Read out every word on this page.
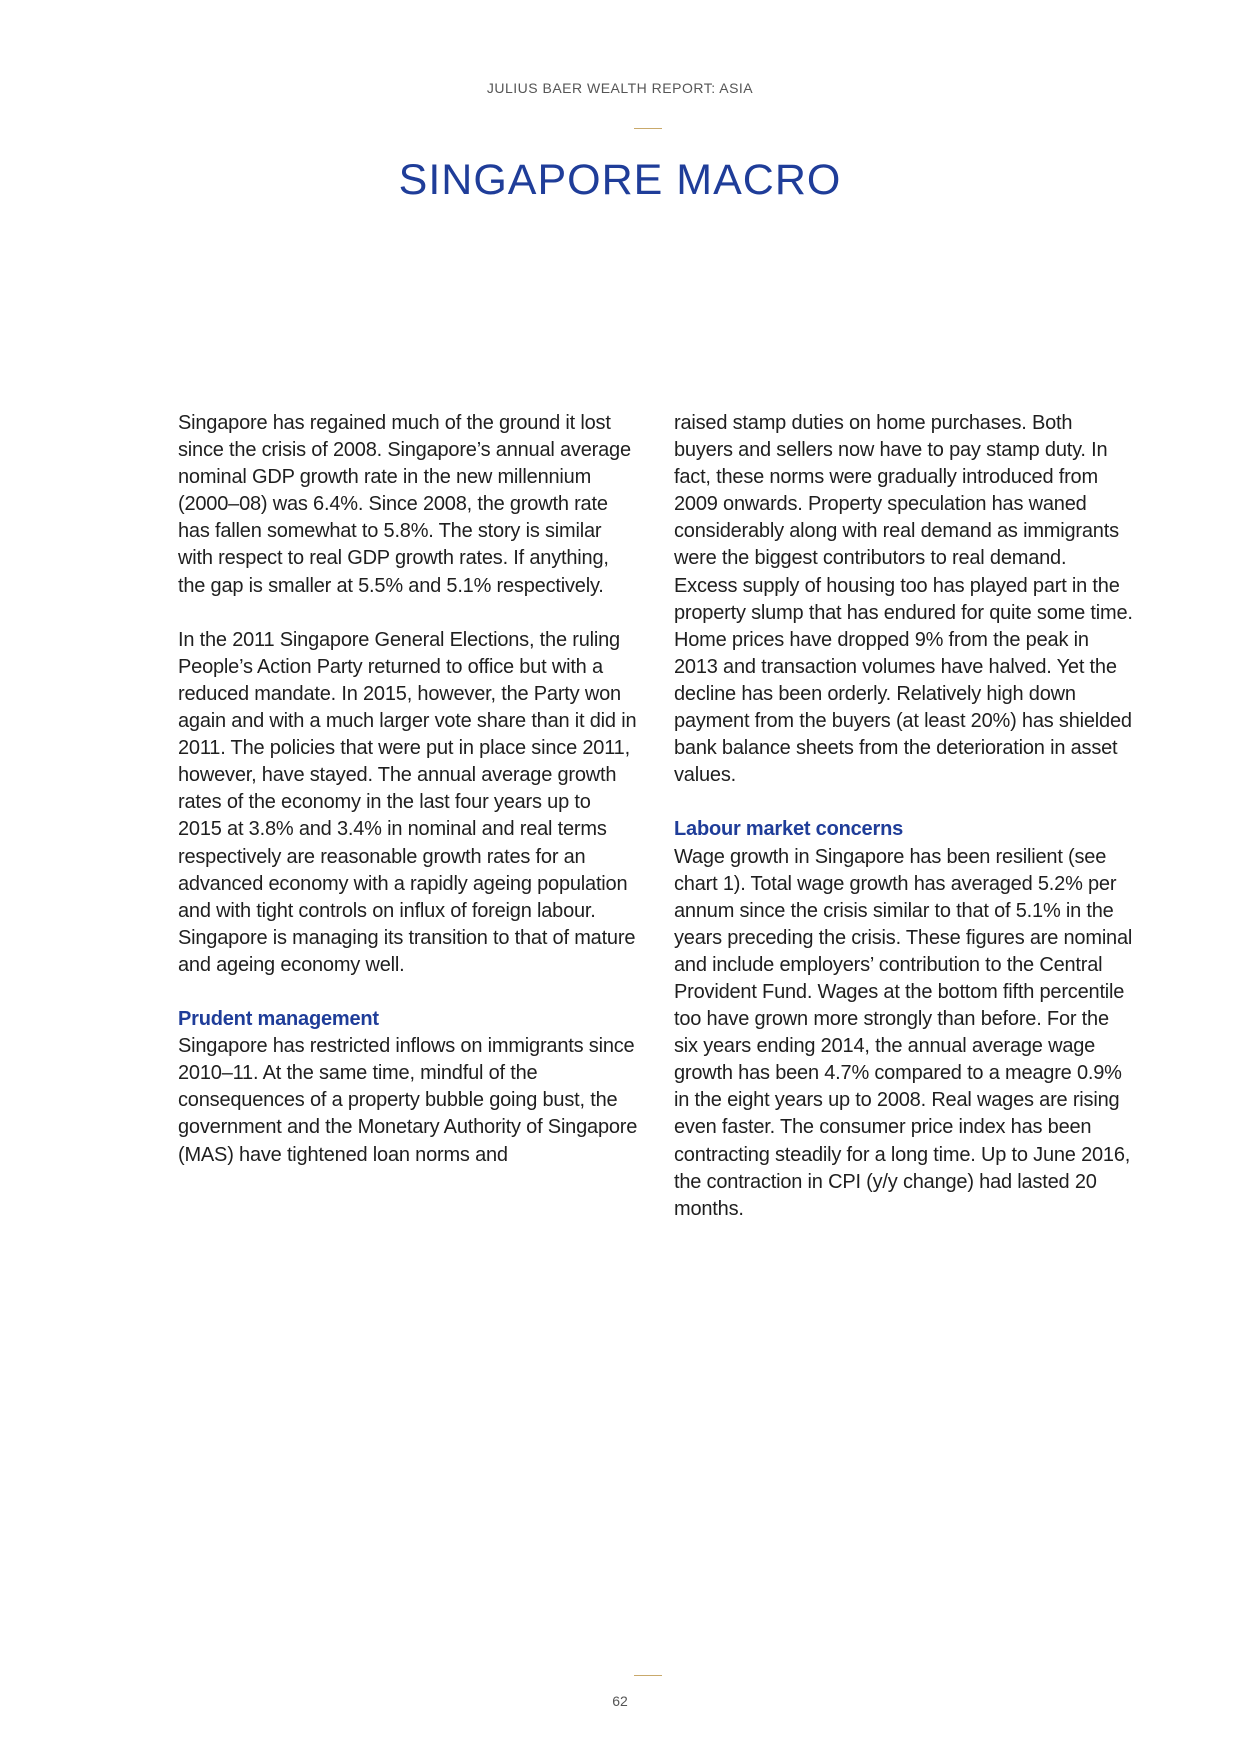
JULIUS BAER WEALTH REPORT: ASIA
SINGAPORE MACRO

Singapore has regained much of the ground it lost since the crisis of 2008. Singapore’s annual average nominal GDP growth rate in the new millennium (2000–08) was 6.4%. Since 2008, the growth rate has fallen somewhat to 5.8%. The story is similar with respect to real GDP growth rates. If anything, the gap is smaller at 5.5% and 5.1% respectively.

In the 2011 Singapore General Elections, the ruling People’s Action Party returned to office but with a reduced mandate. In 2015, however, the Party won again and with a much larger vote share than it did in 2011. The policies that were put in place since 2011, however, have stayed. The annual average growth rates of the economy in the last four years up to 2015 at 3.8% and 3.4% in nominal and real terms respectively are reasonable growth rates for an advanced economy with a rapidly ageing population and with tight controls on influx of foreign labour. Singapore is managing its transition to that of mature and ageing economy well.

Prudent management

Singapore has restricted inflows on immigrants since 2010–11. At the same time, mindful of the consequences of a property bubble going bust, the government and the Monetary Authority of Singapore (MAS) have tightened loan norms and

raised stamp duties on home purchases. Both buyers and sellers now have to pay stamp duty. In fact, these norms were gradually introduced from 2009 onwards. Property speculation has waned considerably along with real demand as immigrants were the biggest contributors to real demand. Excess supply of housing too has played part in the property slump that has endured for quite some time. Home prices have dropped 9% from the peak in 2013 and transaction volumes have halved. Yet the decline has been orderly. Relatively high down payment from the buyers (at least 20%) has shielded bank balance sheets from the deterioration in asset values.

Labour market concerns

Wage growth in Singapore has been resilient (see chart 1). Total wage growth has averaged 5.2% per annum since the crisis similar to that of 5.1% in the years preceding the crisis. These figures are nominal and include employers’ contribution to the Central Provident Fund. Wages at the bottom fifth percentile too have grown more strongly than before. For the six years ending 2014, the annual average wage growth has been 4.7% compared to a meagre 0.9% in the eight years up to 2008. Real wages are rising even faster. The consumer price index has been contracting steadily for a long time. Up to June 2016, the contraction in CPI (y/y change) had lasted 20 months.

62
